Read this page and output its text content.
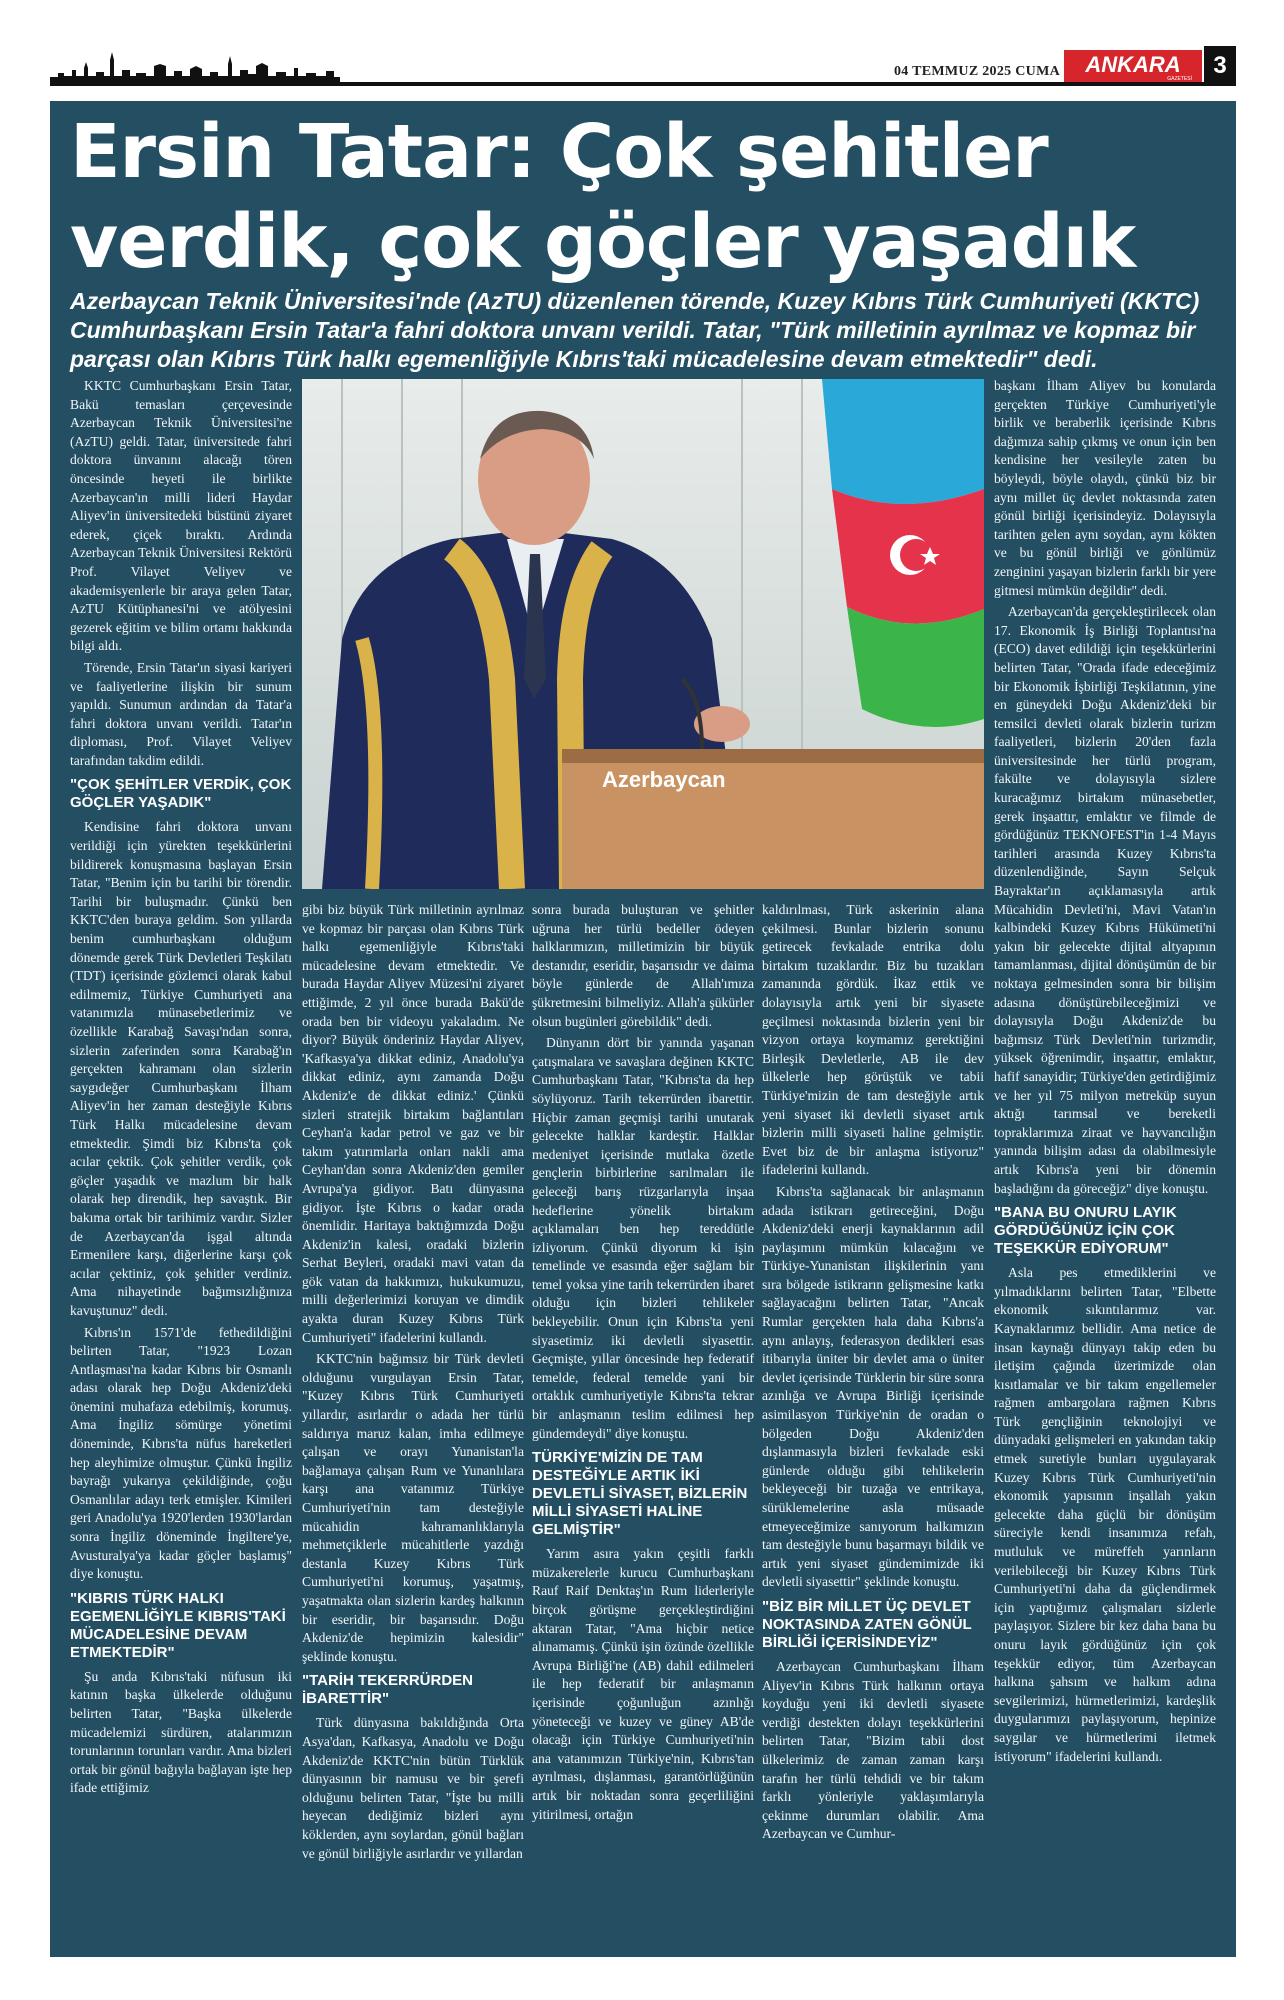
04 TEMMUZ 2025 CUMA ANKARA
GAZETESİ 3
Ersin Tatar: Çok şehitler verdik, çok göçler yaşadık

Azerbaycan Teknik Üniversitesi'nde (AzTU) düzenlenen törende, Kuzey Kıbrıs Türk Cumhuriyeti (KKTC) Cumhurbaşkanı Ersin Tatar'a fahri doktora unvanı verildi. Tatar, "Türk milletinin ayrılmaz ve kopmaz bir parçası olan Kıbrıs Türk halkı egemenliğiyle Kıbrıs'taki mücadelesine devam etmektedir" dedi.

KKTC Cumhurbaşkanı Ersin Tatar, Bakü temasları çerçevesinde Azerbaycan Teknik Üniversitesi'ne (AzTU) geldi. Tatar, üniversitede fahri doktora ünvanını alacağı tören öncesinde heyeti ile birlikte Azerbaycan'ın milli lideri Haydar Aliyev'in üniversitedeki büstünü ziyaret ederek, çiçek bıraktı. Ardında Azerbaycan Teknik Üniversitesi Rektörü Prof. Vilayet Veliyev ve akademisyenlerle bir araya gelen Tatar, AzTU Kütüphanesi'ni ve atölyesini gezerek eğitim ve bilim ortamı hakkında bilgi aldı.

Törende, Ersin Tatar'ın siyasi kariyeri ve faaliyetlerine ilişkin bir sunum yapıldı. Sunumun ardından da Tatar'a fahri doktora unvanı verildi. Tatar'ın diploması, Prof. Vilayet Veliyev tarafından takdim edildi.

"ÇOK ŞEHİTLER VERDİK, ÇOK GÖÇLER YAŞADIK"

Kendisine fahri doktora unvanı verildiği için yürekten teşekkürlerini bildirerek konuşmasına başlayan Ersin Tatar, "Benim için bu tarihi bir törendir. Tarihi bir buluşmadır. Çünkü ben KKTC'den buraya geldim. Son yıllarda benim cumhurbaşkanı olduğum dönemde gerek Türk Devletleri Teşkilatı (TDT) içerisinde gözlemci olarak kabul edilmemiz, Türkiye Cumhuriyeti ana vatanımızla münasebetlerimiz ve özellikle Karabağ Savaşı'ndan sonra, sizlerin zaferinden sonra Karabağ'ın gerçekten kahramanı olan sizlerin saygıdeğer Cumhurbaşkanı İlham Aliyev'in her zaman desteğiyle Kıbrıs Türk Halkı mücadelesine devam etmektedir. Şimdi biz Kıbrıs'ta çok acılar çektik. Çok şehitler verdik, çok göçler yaşadık ve mazlum bir halk olarak hep direndik, hep savaştık. Bir bakıma ortak bir tarihimiz vardır. Sizler de Azerbaycan'da işgal altında Ermenilere karşı, diğerlerine karşı çok acılar çektiniz, çok şehitler verdiniz. Ama nihayetinde bağımsızlığınıza kavuştunuz" dedi.

Kıbrıs'ın 1571'de fethedildiğini belirten Tatar, "1923 Lozan Antlaşması'na kadar Kıbrıs bir Osmanlı adası olarak hep Doğu Akdeniz'deki önemini muhafaza edebilmiş, korumuş. Ama İngiliz sömürge yönetimi döneminde, Kıbrıs'ta nüfus hareketleri hep aleyhimize olmuştur. Çünkü İngiliz bayrağı yukarıya çekildiğinde, çoğu Osmanlılar adayı terk etmişler. Kimileri geri Anadolu'ya 1920'lerden 1930'lardan sonra İngiliz döneminde İngiltere'ye, Avusturalya'ya kadar göçler başlamış" diye konuştu.

"KIBRIS TÜRK HALKI EGEMENLİĞİYLE KIBRIS'TAKİ MÜCADELESİNE DEVAM ETMEKTEDİR"

Şu anda Kıbrıs'taki nüfusun iki katının başka ülkelerde olduğunu belirten Tatar, "Başka ülkelerde mücadelemizi sürdüren, atalarımızın torunlarının torunları vardır. Ama bizleri ortak bir gönül bağıyla bağlayan işte hep ifade ettiğimiz

Azerbaycan

gibi biz büyük Türk milletinin ayrılmaz ve kopmaz bir parçası olan Kıbrıs Türk halkı egemenliğiyle Kıbrıs'taki mücadelesine devam etmektedir. Ve burada Haydar Aliyev Müzesi'ni ziyaret ettiğimde, 2 yıl önce burada Bakü'de orada ben bir videoyu yakaladım. Ne diyor? Büyük önderiniz Haydar Aliyev, 'Kafkasya'ya dikkat ediniz, Anadolu'ya dikkat ediniz, aynı zamanda Doğu Akdeniz'e de dikkat ediniz.' Çünkü sizleri stratejik birtakım bağlantıları Ceyhan'a kadar petrol ve gaz ve bir takım yatırımlarla onları nakli ama Ceyhan'dan sonra Akdeniz'den gemiler Avrupa'ya gidiyor. Batı dünyasına gidiyor. İşte Kıbrıs o kadar orada önemlidir. Haritaya baktığımızda Doğu Akdeniz'in kalesi, oradaki bizlerin Serhat Beyleri, oradaki mavi vatan da gök vatan da hakkımızı, hukukumuzu, milli değerlerimizi koruyan ve dimdik ayakta duran Kuzey Kıbrıs Türk Cumhuriyeti" ifadelerini kullandı.

KKTC'nin bağımsız bir Türk devleti olduğunu vurgulayan Ersin Tatar, "Kuzey Kıbrıs Türk Cumhuriyeti yıllardır, asırlardır o adada her türlü saldırıya maruz kalan, imha edilmeye çalışan ve orayı Yunanistan'la bağlamaya çalışan Rum ve Yunanlılara karşı ana vatanımız Türkiye Cumhuriyeti'nin tam desteğiyle mücahidin kahramanlıklarıyla mehmetçiklerle mücahitlerle yazdığı destanla Kuzey Kıbrıs Türk Cumhuriyeti'ni korumuş, yaşatmış, yaşatmakta olan sizlerin kardeş halkının bir eseridir, bir başarısıdır. Doğu Akdeniz'de hepimizin kalesidir" şeklinde konuştu.

"TARİH TEKERRÜRDEN İBARETTİR"

Türk dünyasına bakıldığında Orta Asya'dan, Kafkasya, Anadolu ve Doğu Akdeniz'de KKTC'nin bütün Türklük dünyasının bir namusu ve bir şerefi olduğunu belirten Tatar, "İşte bu milli heyecan dediğimiz bizleri aynı köklerden, aynı soylardan, gönül bağları ve gönül birliğiyle asırlardır ve yıllardan

sonra burada buluşturan ve şehitler uğruna her türlü bedeller ödeyen halklarımızın, milletimizin bir büyük destanıdır, eseridir, başarısıdır ve daima böyle günlerde de Allah'ımıza şükretmesini bilmeliyiz. Allah'a şükürler olsun bugünleri görebildik" dedi.

Dünyanın dört bir yanında yaşanan çatışmalara ve savaşlara değinen KKTC Cumhurbaşkanı Tatar, "Kıbrıs'ta da hep söylüyoruz. Tarih tekerrürden ibarettir. Hiçbir zaman geçmişi tarihi unutarak gelecekte halklar kardeştir. Halklar medeniyet içerisinde mutlaka özetle gençlerin birbirlerine sarılmaları ile geleceği barış rüzgarlarıyla inşaa hedeflerine yönelik birtakım açıklamaları ben hep tereddütle izliyorum. Çünkü diyorum ki işin temelinde ve esasında eğer sağlam bir temel yoksa yine tarih tekerrürden ibaret olduğu için bizleri tehlikeler bekleyebilir. Onun için Kıbrıs'ta yeni siyasetimiz iki devletli siyasettir. Geçmişte, yıllar öncesinde hep federatif temelde, federal temelde yani bir ortaklık cumhuriyetiyle Kıbrıs'ta tekrar bir anlaşmanın teslim edilmesi hep gündemdeydi" diye konuştu.

TÜRKİYE'MİZİN DE TAM DESTEĞİYLE ARTIK İKİ DEVLETLİ SİYASET, BİZLERİN MİLLİ SİYASETİ HALİNE GELMİŞTİR"

Yarım asıra yakın çeşitli farklı müzakerelerle kurucu Cumhurbaşkanı Rauf Raif Denktaş'ın Rum liderleriyle birçok görüşme gerçekleştirdiğini aktaran Tatar, "Ama hiçbir netice alınamamış. Çünkü işin özünde özellikle Avrupa Birliği'ne (AB) dahil edilmeleri ile hep federatif bir anlaşmanın içerisinde çoğunluğun azınlığı yöneteceği ve kuzey ve güney AB'de olacağı için Türkiye Cumhuriyeti'nin ana vatanımızın Türkiye'nin, Kıbrıs'tan ayrılması, dışlanması, garantörlüğünün artık bir noktadan sonra geçerliliğini yitirilmesi, ortağın

kaldırılması, Türk askerinin alana çekilmesi. Bunlar bizlerin sonunu getirecek fevkalade entrika dolu birtakım tuzaklardır. Biz bu tuzakları zamanında gördük. İkaz ettik ve dolayısıyla artık yeni bir siyasete geçilmesi noktasında bizlerin yeni bir vizyon ortaya koymamız gerektiğini Birleşik Devletlerle, AB ile dev ülkelerle hep görüştük ve tabii Türkiye'mizin de tam desteğiyle artık yeni siyaset iki devletli siyaset artık bizlerin milli siyaseti haline gelmiştir. Evet biz de bir anlaşma istiyoruz" ifadelerini kullandı.

Kıbrıs'ta sağlanacak bir anlaşmanın adada istikrarı getireceğini, Doğu Akdeniz'deki enerji kaynaklarının adil paylaşımını mümkün kılacağını ve Türkiye-Yunanistan ilişkilerinin yanı sıra bölgede istikrarın gelişmesine katkı sağlayacağını belirten Tatar, "Ancak Rumlar gerçekten hala daha Kıbrıs'a aynı anlayış, federasyon dedikleri esas itibarıyla üniter bir devlet ama o üniter devlet içerisinde Türklerin bir süre sonra azınlığa ve Avrupa Birliği içerisinde asimilasyon Türkiye'nin de oradan o bölgeden Doğu Akdeniz'den dışlanmasıyla bizleri fevkalade eski günlerde olduğu gibi tehlikelerin bekleyeceği bir tuzağa ve entrikaya, sürüklemelerine asla müsaade etmeyeceğimize sanıyorum halkımızın tam desteğiyle bunu başarmayı bildik ve artık yeni siyaset gündemimizde iki devletli siyasettir" şeklinde konuştu.

"BİZ BİR MİLLET ÜÇ DEVLET NOKTASINDA ZATEN GÖNÜL BİRLİĞİ İÇERİSİNDEYİZ"

Azerbaycan Cumhurbaşkanı İlham Aliyev'in Kıbrıs Türk halkının ortaya koyduğu yeni iki devletli siyasete verdiği destekten dolayı teşekkürlerini belirten Tatar, "Bizim tabii dost ülkelerimiz de zaman zaman karşı tarafın her türlü tehdidi ve bir takım farklı yönleriyle yaklaşımlarıyla çekinme durumları olabilir. Ama Azerbaycan ve Cumhur-

başkanı İlham Aliyev bu konularda gerçekten Türkiye Cumhuriyeti'yle birlik ve beraberlik içerisinde Kıbrıs dağımıza sahip çıkmış ve onun için ben kendisine her vesileyle zaten bu böyleydi, böyle olaydı, çünkü biz bir aynı millet üç devlet noktasında zaten gönül birliği içerisindeyiz. Dolayısıyla tarihten gelen aynı soydan, aynı kökten ve bu gönül birliği ve gönlümüz zenginini yaşayan bizlerin farklı bir yere gitmesi mümkün değildir" dedi.

Azerbaycan'da gerçekleştirilecek olan 17. Ekonomik İş Birliği Toplantısı'na (ECO) davet edildiği için teşekkürlerini belirten Tatar, "Orada ifade edeceğimiz bir Ekonomik İşbirliği Teşkilatının, yine en güneydeki Doğu Akdeniz'deki bir temsilci devleti olarak bizlerin turizm faaliyetleri, bizlerin 20'den fazla üniversitesinde her türlü program, fakülte ve dolayısıyla sizlere kuracağımız birtakım münasebetler, gerek inşaattır, emlaktır ve filmde de gördüğünüz TEKNOFEST'in 1-4 Mayıs tarihleri arasında Kuzey Kıbrıs'ta düzenlendiğinde, Sayın Selçuk Bayraktar'ın açıklamasıyla artık Mücahidin Devleti'ni, Mavi Vatan'ın kalbindeki Kuzey Kıbrıs Hükümeti'ni yakın bir gelecekte dijital altyapının tamamlanması, dijital dönüşümün de bir noktaya gelmesinden sonra bir bilişim adasına dönüştürebileceğimizi ve dolayısıyla Doğu Akdeniz'de bu bağımsız Türk Devleti'nin turizmdir, yüksek öğrenimdir, inşaattır, emlaktır, hafif sanayidir; Türkiye'den getirdiğimiz ve her yıl 75 milyon metreküp suyun aktığı tarımsal ve bereketli topraklarımıza ziraat ve hayvancılığın yanında bilişim adası da olabilmesiyle artık Kıbrıs'a yeni bir dönemin başladığını da göreceğiz" diye konuştu.

"BANA BU ONURU LAYIK GÖRDÜĞÜNÜZ İÇİN ÇOK TEŞEKKÜR EDİYORUM"

Asla pes etmediklerini ve yılmadıklarını belirten Tatar, "Elbette ekonomik sıkıntılarımız var. Kaynaklarımız bellidir. Ama netice de insan kaynağı dünyayı takip eden bu iletişim çağında üzerimizde olan kısıtlamalar ve bir takım engellemeler rağmen ambargolara rağmen Kıbrıs Türk gençliğinin teknolojiyi ve dünyadaki gelişmeleri en yakından takip etmek suretiyle bunları uygulayarak Kuzey Kıbrıs Türk Cumhuriyeti'nin ekonomik yapısının inşallah yakın gelecekte daha güçlü bir dönüşüm süreciyle kendi insanımıza refah, mutluluk ve müreffeh yarınların verilebileceği bir Kuzey Kıbrıs Türk Cumhuriyeti'ni daha da güçlendirmek için yaptığımız çalışmaları sizlerle paylaşıyor. Sizlere bir kez daha bana bu onuru layık gördüğünüz için çok teşekkür ediyor, tüm Azerbaycan halkına şahsım ve halkım adına sevgilerimizi, hürmetlerimizi, kardeşlik duygularımızı paylaşıyorum, hepinize saygılar ve hürmetlerimi iletmek istiyorum" ifadelerini kullandı.
